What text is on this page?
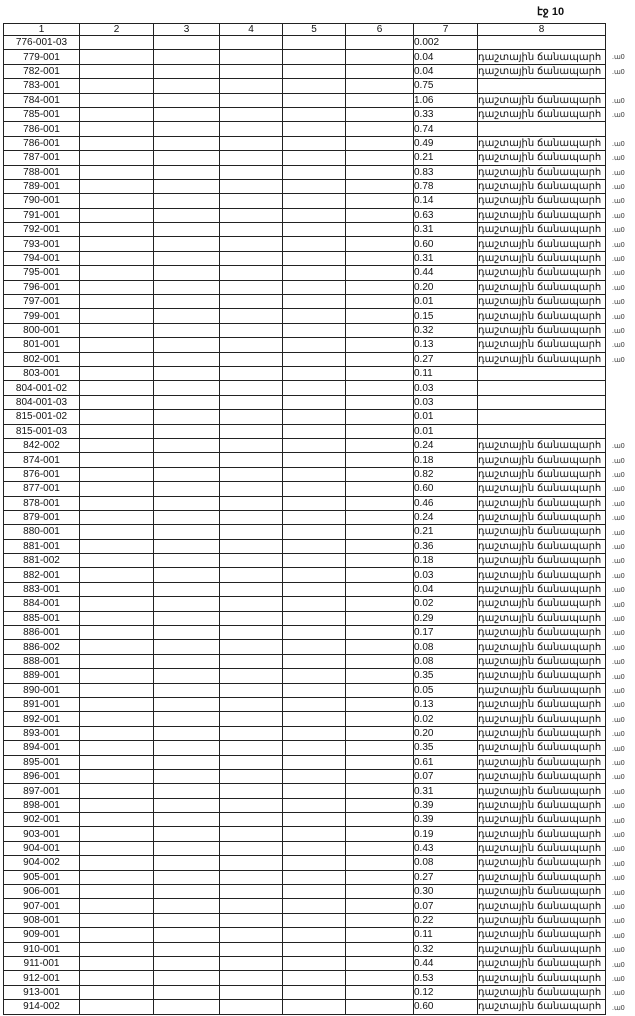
էջ 10
1	2	3	4	5	6	7	8
776-001-03						0.002	
779-001						0.04	դաշտային ճանապարհ
782-001						0.04	դաշտային ճանապարհ
783-001						0.75	
784-001						1.06	դաշտային ճանապարհ
785-001						0.33	դաշտային ճանապարհ
786-001						0.74	
786-001						0.49	դաշտային ճանապարհ
787-001						0.21	դաշտային ճանապարհ
788-001						0.83	դաշտային ճանապարհ
789-001						0.78	դաշտային ճանապարհ
790-001						0.14	դաշտային ճանապարհ
791-001						0.63	դաշտային ճանապարհ
792-001						0.31	դաշտային ճանապարհ
793-001						0.60	դաշտային ճանապարհ
794-001						0.31	դաշտային ճանապարհ
795-001						0.44	դաշտային ճանապարհ
796-001						0.20	դաշտային ճանապարհ
797-001						0.01	դաշտային ճանապարհ
799-001						0.15	դաշտային ճանապարհ
800-001						0.32	դաշտային ճանապարհ
801-001						0.13	դաշտային ճանապարհ
802-001						0.27	դաշտային ճանապարհ
803-001						0.11	
804-001-02						0.03	
804-001-03						0.03	
815-001-02						0.01	
815-001-03						0.01	
842-002						0.24	դաշտային ճանապարհ
874-001						0.18	դաշտային ճանապարհ
876-001						0.82	դաշտային ճանապարհ
877-001						0.60	դաշտային ճանապարհ
878-001						0.46	դաշտային ճանապարհ
879-001						0.24	դաշտային ճանապարհ
880-001						0.21	դաշտային ճանապարհ
881-001						0.36	դաշտային ճանապարհ
881-002						0.18	դաշտային ճանապարհ
882-001						0.03	դաշտային ճանապարհ
883-001						0.04	դաշտային ճանապարհ
884-001						0.02	դաշտային ճանապարհ
885-001						0.29	դաշտային ճանապարհ
886-001						0.17	դաշտային ճանապարհ
886-002						0.08	դաշտային ճանապարհ
888-001						0.08	դաշտային ճանապարհ
889-001						0.35	դաշտային ճանապարհ
890-001						0.05	դաշտային ճանապարհ
891-001						0.13	դաշտային ճանապարհ
892-001						0.02	դաշտային ճանապարհ
893-001						0.20	դաշտային ճանապարհ
894-001						0.35	դաշտային ճանապարհ
895-001						0.61	դաշտային ճանապարհ
896-001						0.07	դաշտային ճանապարհ
897-001						0.31	դաշտային ճանապարհ
898-001						0.39	դաշտային ճանապարհ
902-001						0.39	դաշտային ճանապարհ
903-001						0.19	դաշտային ճանապարհ
904-001						0.43	դաշտային ճանապարհ
904-002						0.08	դաշտային ճանապարհ
905-001						0.27	դաշտային ճանապարհ
906-001						0.30	դաշտային ճանապարհ
907-001						0.07	դաշտային ճանապարհ
908-001						0.22	դաշտային ճանապարհ
909-001						0.11	դաշտային ճանապարհ
910-001						0.32	դաշտային ճանապարհ
911-001						0.44	դաշտային ճանապարհ
912-001						0.53	դաշտային ճանապարհ
913-001						0.12	դաշտային ճանապարհ
914-002						0.60	դաշտային ճանապարհ
.ա0
.ա0
.ա0
.ա0
.ա0
.ա0
.ա0
.ա0
.ա0
.ա0
.ա0
.ա0
.ա0
.ա0
.ա0
.ա0
.ա0
.ա0
.ա0
.ա0
.ա0
.ա0
.ա0
.ա0
.ա0
.ա0
.ա0
.ա0
.ա0
.ա0
.ա0
.ա0
.ա0
.ա0
.ա0
.ա0
.ա0
.ա0
.ա0
.ա0
.ա0
.ա0
.ա0
.ա0
.ա0
.ա0
.ա0
.ա0
.ա0
.ա0
.ա0
.ա0
.ա0
.ա0
.ա0
.ա0
.ա0
.ա0
.ա0
.ա0
